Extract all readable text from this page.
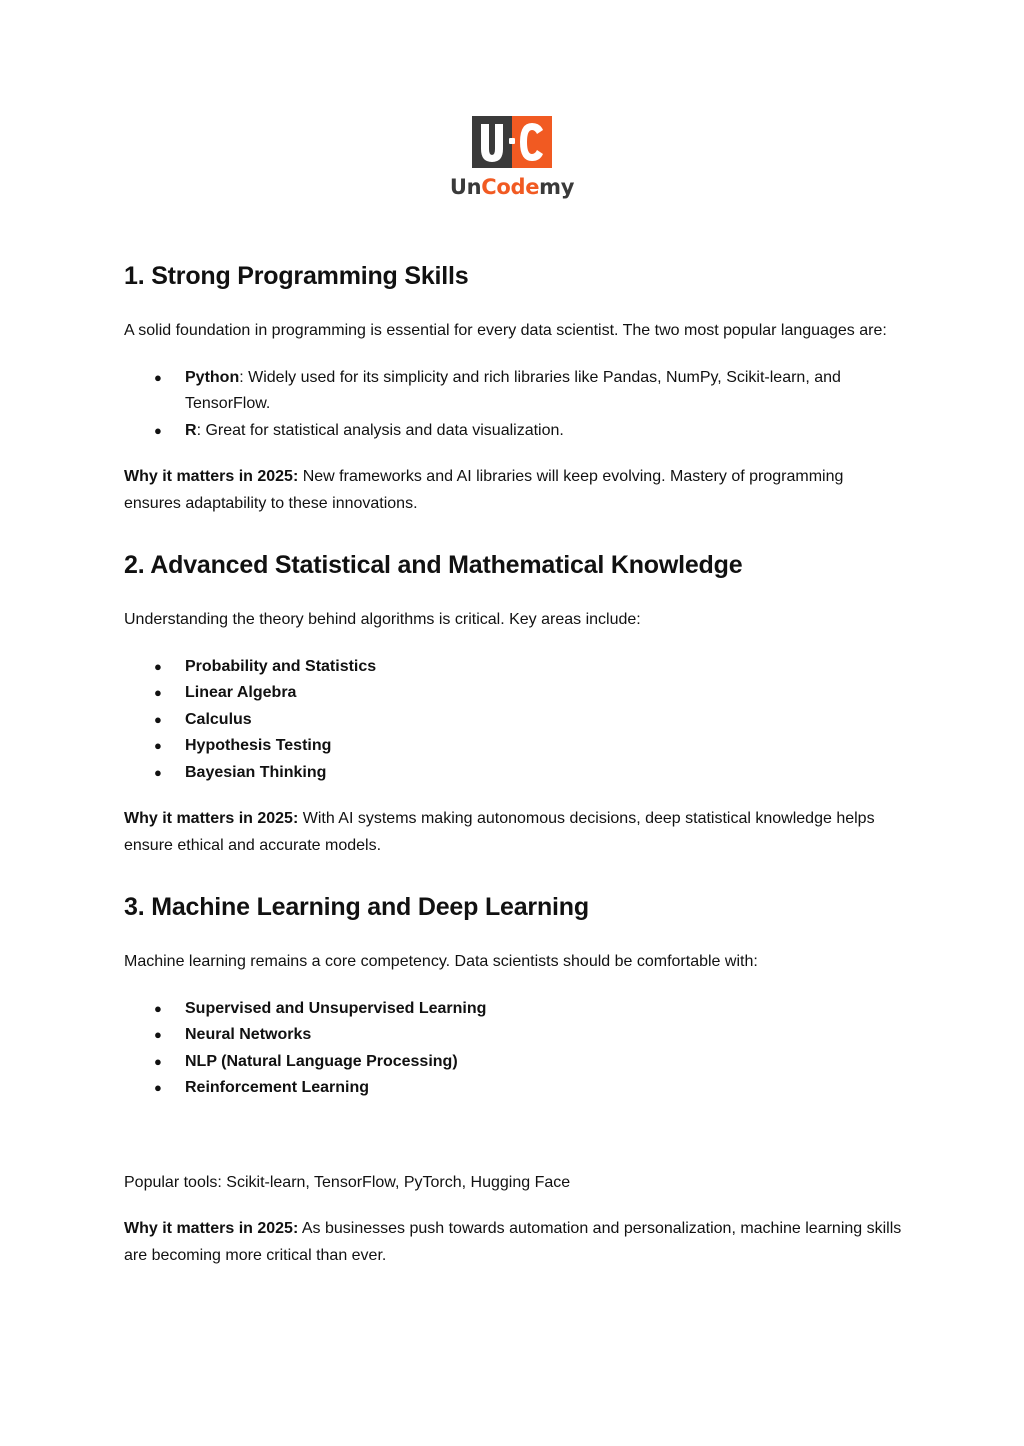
UnCodemy
1. Strong Programming Skills

A solid foundation in programming is essential for every data scientist. The two most popular languages are:

● Python: Widely used for its simplicity and rich libraries like Pandas, NumPy, Scikit-learn, and TensorFlow.
● R: Great for statistical analysis and data visualization.

Why it matters in 2025: New frameworks and AI libraries will keep evolving. Mastery of programming ensures adaptability to these innovations.

2. Advanced Statistical and Mathematical Knowledge

Understanding the theory behind algorithms is critical. Key areas include:

● Probability and Statistics
● Linear Algebra
● Calculus
● Hypothesis Testing
● Bayesian Thinking

Why it matters in 2025: With AI systems making autonomous decisions, deep statistical knowledge helps ensure ethical and accurate models.

3. Machine Learning and Deep Learning

Machine learning remains a core competency. Data scientists should be comfortable with:

● Supervised and Unsupervised Learning
● Neural Networks
● NLP (Natural Language Processing)
● Reinforcement Learning

Popular tools: Scikit-learn, TensorFlow, PyTorch, Hugging Face

Why it matters in 2025: As businesses push towards automation and personalization, machine learning skills are becoming more critical than ever.
